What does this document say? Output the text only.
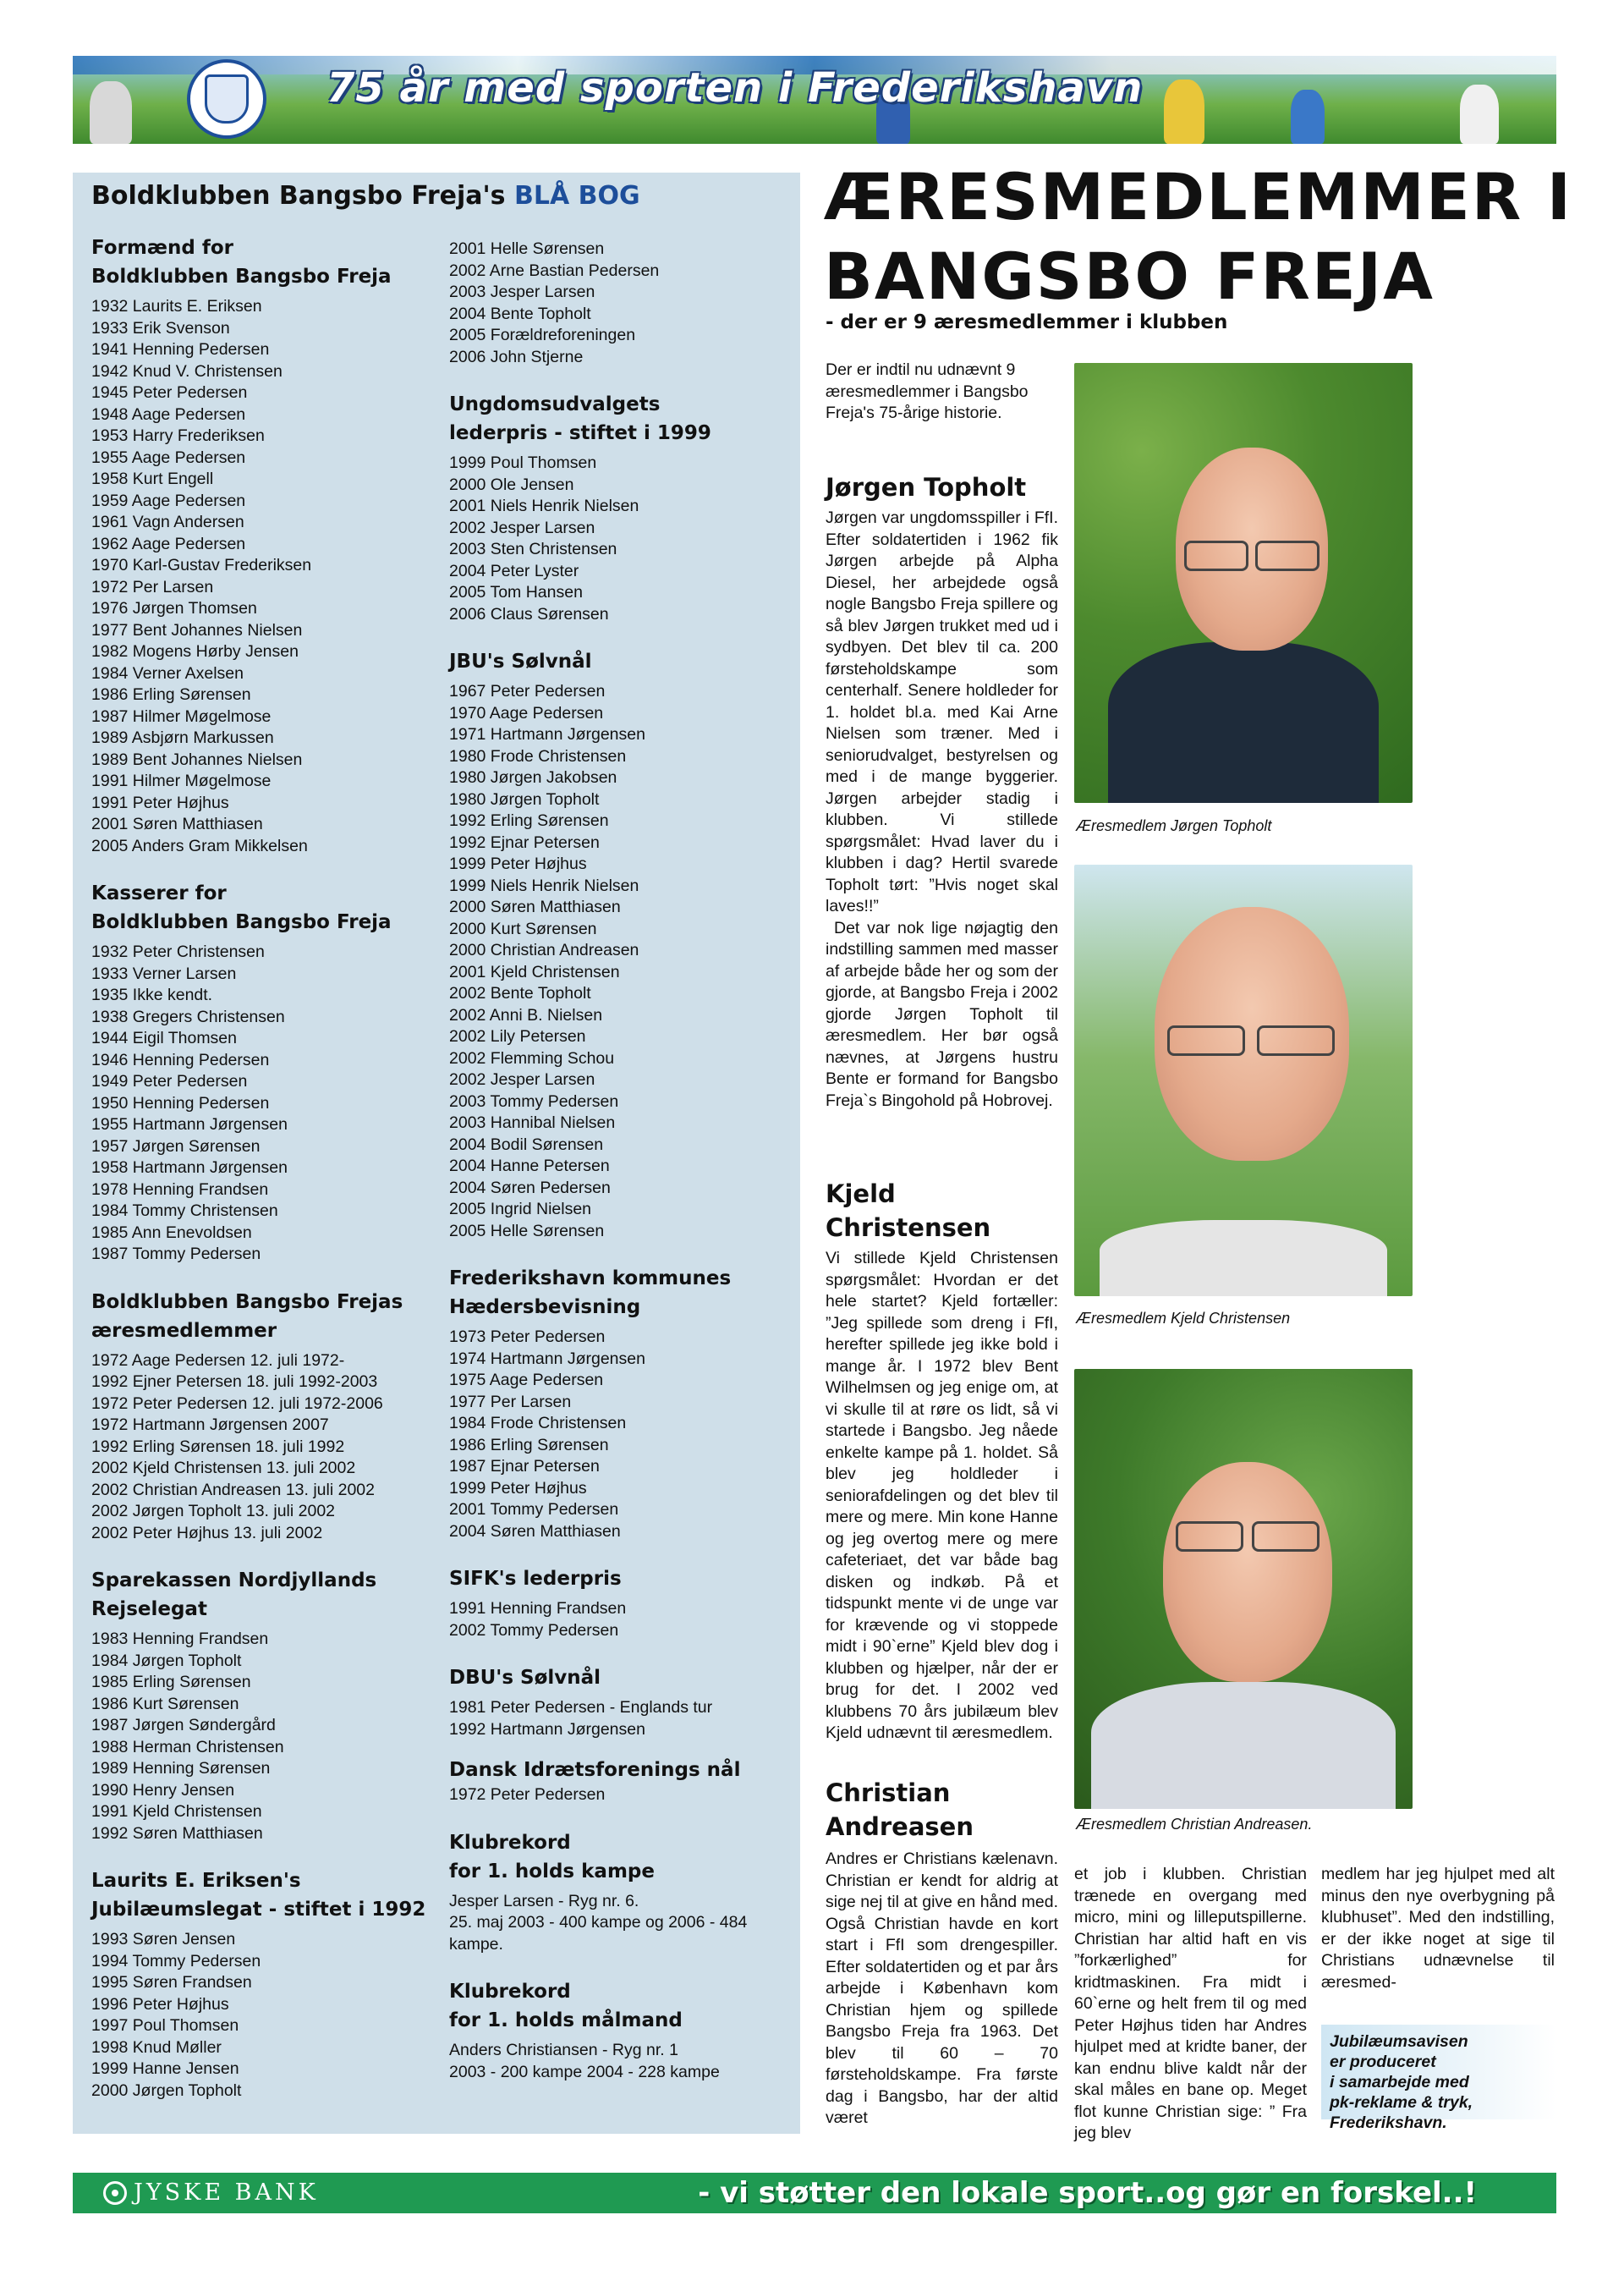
75 år med sporten i Frederikshavn
Boldklubben Bangsbo Freja's BLÅ BOG
Formænd for
Boldklubben Bangsbo Freja
1932 Laurits E. Eriksen
1933 Erik Svenson
1941 Henning Pedersen
1942 Knud V. Christensen
1945 Peter Pedersen
1948 Aage Pedersen
1953 Harry Frederiksen
1955 Aage Pedersen
1958 Kurt Engell
1959 Aage Pedersen
1961 Vagn Andersen
1962 Aage Pedersen
1970 Karl-Gustav Frederiksen
1972 Per Larsen
1976 Jørgen Thomsen
1977 Bent Johannes Nielsen
1982 Mogens Hørby Jensen
1984 Verner Axelsen
1986 Erling Sørensen
1987 Hilmer Møgelmose
1989 Asbjørn Markussen
1989 Bent Johannes Nielsen
1991 Hilmer Møgelmose
1991 Peter Højhus
2001 Søren Matthiasen
2005 Anders Gram Mikkelsen
Kasserer for
Boldklubben Bangsbo Freja
1932 Peter Christensen
1933 Verner Larsen
1935 Ikke kendt.
1938 Gregers Christensen
1944 Eigil Thomsen
1946 Henning Pedersen
1949 Peter Pedersen
1950 Henning Pedersen
1955 Hartmann Jørgensen
1957 Jørgen Sørensen
1958 Hartmann Jørgensen
1978 Henning Frandsen
1984 Tommy Christensen
1985 Ann Enevoldsen
1987 Tommy Pedersen
Boldklubben Bangsbo Frejas
æresmedlemmer
1972 Aage Pedersen 12. juli 1972-
1992 Ejner Petersen 18. juli 1992-2003
1972 Peter Pedersen 12. juli 1972-2006
1972 Hartmann Jørgensen 2007
1992 Erling Sørensen 18. juli 1992
2002 Kjeld Christensen 13. juli 2002
2002 Christian Andreasen 13. juli 2002
2002 Jørgen Topholt 13. juli 2002
2002 Peter Højhus 13. juli 2002
Sparekassen Nordjyllands
Rejselegat
1983 Henning Frandsen
1984 Jørgen Topholt
1985 Erling Sørensen
1986 Kurt Sørensen
1987 Jørgen Søndergård
1988 Herman Christensen
1989 Henning Sørensen
1990 Henry Jensen
1991 Kjeld Christensen
1992 Søren Matthiasen
Laurits E. Eriksen's
Jubilæumslegat - stiftet i 1992
1993 Søren Jensen
1994 Tommy Pedersen
1995 Søren Frandsen
1996 Peter Højhus
1997 Poul Thomsen
1998 Knud Møller
1999 Hanne Jensen
2000 Jørgen Topholt
2001 Helle Sørensen
2002 Arne Bastian Pedersen
2003 Jesper Larsen
2004 Bente Topholt
2005 Forældreforeningen
2006 John Stjerne
Ungdomsudvalgets
lederpris - stiftet i 1999
1999 Poul Thomsen
2000 Ole Jensen
2001 Niels Henrik Nielsen
2002 Jesper Larsen
2003 Sten Christensen
2004 Peter Lyster
2005 Tom Hansen
2006 Claus Sørensen
JBU's Sølvnål
1967 Peter Pedersen
1970 Aage Pedersen
1971 Hartmann Jørgensen
1980 Frode Christensen
1980 Jørgen Jakobsen
1980 Jørgen Topholt
1992 Erling Sørensen
1992 Ejnar Petersen
1999 Peter Højhus
1999 Niels Henrik Nielsen
2000 Søren Matthiasen
2000 Kurt Sørensen
2000 Christian Andreasen
2001 Kjeld Christensen
2002 Bente Topholt
2002 Anni B. Nielsen
2002 Lily Petersen
2002 Flemming Schou
2002 Jesper Larsen
2003 Tommy Pedersen
2003 Hannibal Nielsen
2004 Bodil Sørensen
2004 Hanne Petersen
2004 Søren Pedersen
2005 Ingrid Nielsen
2005 Helle Sørensen
Frederikshavn kommunes
Hædersbevisning
1973 Peter Pedersen
1974 Hartmann Jørgensen
1975 Aage Pedersen
1977 Per Larsen
1984 Frode Christensen
1986 Erling Sørensen
1987 Ejnar Petersen
1999 Peter Højhus
2001 Tommy Pedersen
2004 Søren Matthiasen
SIFK's lederpris
1991 Henning Frandsen
2002 Tommy Pedersen
DBU's Sølvnål
1981 Peter Pedersen - Englands tur
1992 Hartmann Jørgensen
Dansk Idrætsforenings nål
1972 Peter Pedersen
Klubrekord
for 1. holds kampe
Jesper Larsen - Ryg nr. 6.
25. maj 2003 - 400 kampe og 2006 - 484
kampe.
Klubrekord
for 1. holds målmand
Anders Christiansen - Ryg nr. 1
2003 - 200 kampe 2004 - 228 kampe
ÆRESMEDLEMMER I
BANGSBO FREJA
- der er 9 æresmedlemmer i klubben
Der er indtil nu udnævnt 9 æresmedlemmer i Bangsbo Freja's 75-årige historie.
Jørgen Topholt
Jørgen var ungdomsspiller i FfI. Efter soldatertiden i 1962 fik Jørgen arbejde på Alpha Diesel, her arbejdede også nogle Bangsbo Freja spillere og så blev Jørgen trukket med ud i sydbyen. Det blev til ca. 200 førsteholdskampe som centerhalf. Senere holdleder for 1. holdet bl.a. med Kai Arne Nielsen som træner. Med i seniorudvalget, bestyrelsen og med i de mange byggerier. Jørgen arbejder stadig i klubben. Vi stillede spørgsmålet: Hvad laver du i klubben i dag? Hertil svarede Topholt tørt: ”Hvis noget skal laves!!”
Det var nok lige nøjagtig den indstilling sammen med masser af arbejde både her og som der gjorde, at Bangsbo Freja i 2002 gjorde Jørgen Topholt til æresmedlem. Her bør også nævnes, at Jørgens hustru Bente er formand for Bangsbo Freja`s Bingohold på Hobrovej.
Kjeld Christensen
Vi stillede Kjeld Christensen spørgsmålet: Hvordan er det hele startet? Kjeld fortæller: ”Jeg spillede som dreng i FfI, herefter spillede jeg ikke bold i mange år. I 1972 blev Bent Wilhelmsen og jeg enige om, at vi skulle til at røre os lidt, så vi startede i Bangsbo. Jeg nåede enkelte kampe på 1. holdet. Så blev jeg holdleder i seniorafdelingen og det blev til mere og mere. Min kone Hanne og jeg overtog mere og mere cafeteriaet, det var både bag disken og indkøb. På et tidspunkt mente vi de unge var for krævende og vi stoppede midt i 90`erne” Kjeld blev dog i klubben og hjælper, når der er brug for det. I 2002 ved klubbens 70 års jubilæum blev Kjeld udnævnt til æresmedlem.
Christian
Andreasen
Andres er Christians kælenavn. Christian er kendt for aldrig at sige nej til at give en hånd med. Også Christian havde en kort start i FfI som drengespiller. Efter soldatertiden og et par års arbejde i København kom Christian hjem og spillede Bangsbo Freja fra 1963. Det blev til 60 – 70 førsteholdskampe. Fra første dag i Bangsbo, har der altid været
et job i klubben. Christian trænede en overgang med micro, mini og lilleputspillerne. Christian har altid haft en vis ”forkærlighed” for kridtmaskinen. Fra midt i 60`erne og helt frem til og med Peter Højhus tiden har Andres hjulpet med at kridte baner, der kan endnu blive kaldt når der skal måles en bane op. Meget flot kunne Christian sige: ” Fra jeg blev
medlem har jeg hjulpet med alt minus den nye overbygning på klubhuset”. Med den indstilling, er der ikke noget at sige til Christians udnævnelse til æresmed-
Æresmedlem Jørgen Topholt
Æresmedlem Kjeld Christensen
Æresmedlem Christian Andreasen.
Jubilæumsavisen
er produceret
i samarbejde med
pk-reklame & tryk,
Frederikshavn.
JYSKE BANK	- vi støtter den lokale sport..og gør en forskel..!
